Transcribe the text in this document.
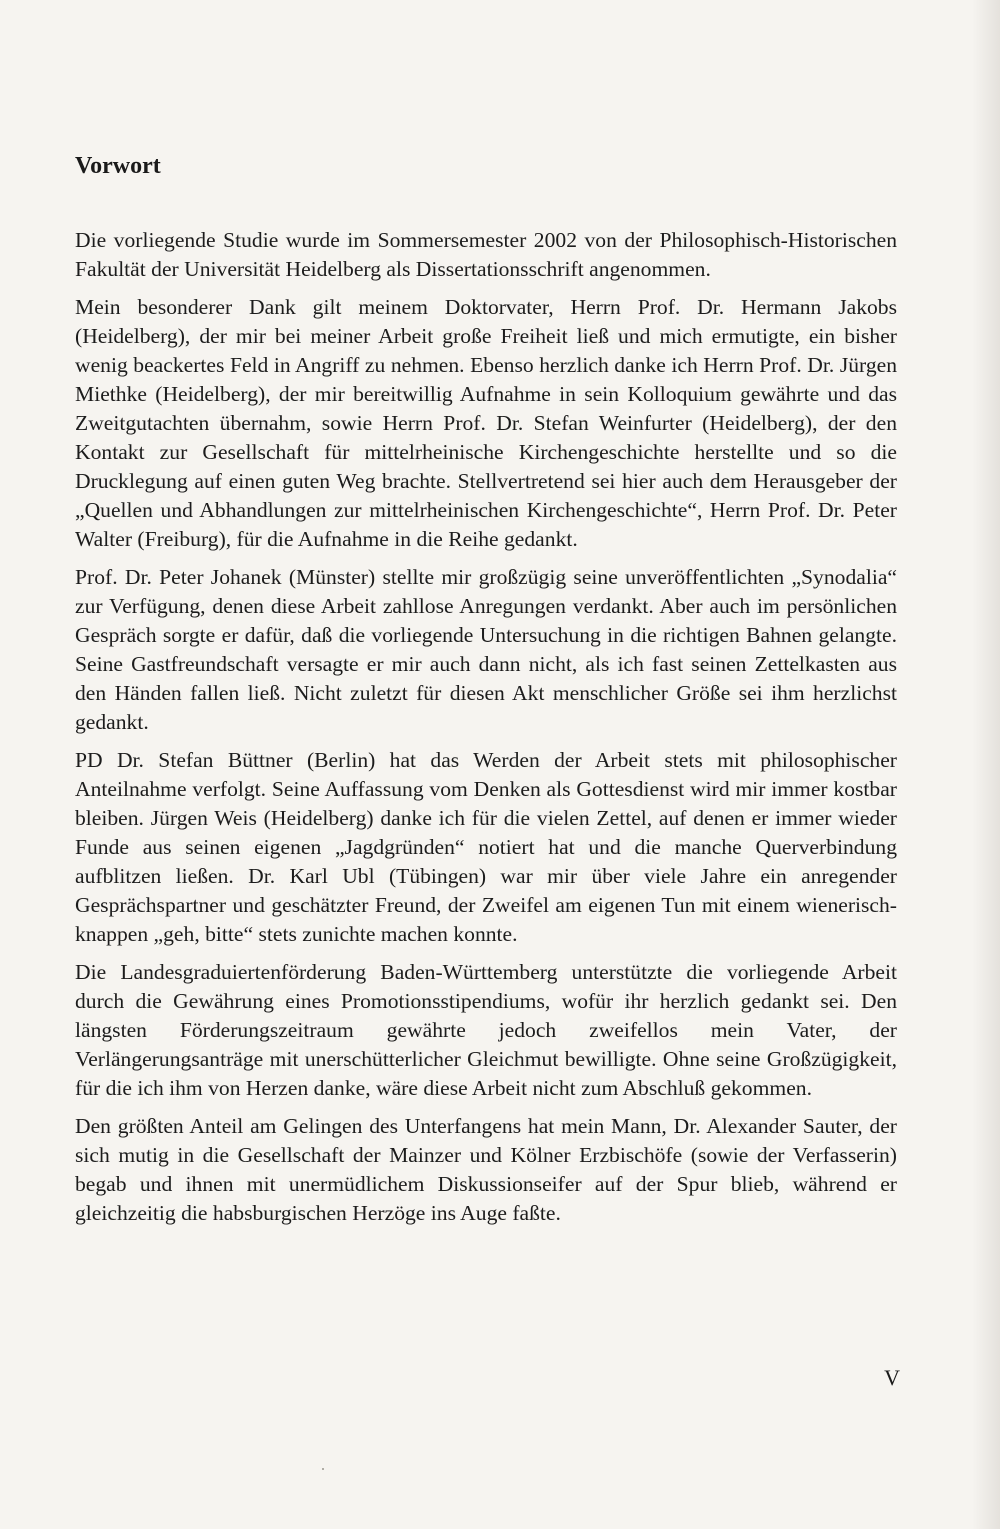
Vorwort

Die vorliegende Studie wurde im Sommersemester 2002 von der Philosophisch-Historischen Fakultät der Universität Heidelberg als Dissertationsschrift angenommen.

Mein besonderer Dank gilt meinem Doktorvater, Herrn Prof. Dr. Hermann Jakobs (Heidelberg), der mir bei meiner Arbeit große Freiheit ließ und mich ermutigte, ein bisher wenig beackertes Feld in Angriff zu nehmen. Ebenso herzlich danke ich Herrn Prof. Dr. Jürgen Miethke (Heidelberg), der mir bereitwillig Aufnahme in sein Kolloquium gewährte und das Zweitgutachten übernahm, sowie Herrn Prof. Dr. Stefan Weinfurter (Heidelberg), der den Kontakt zur Gesellschaft für mittelrheinische Kirchengeschichte herstellte und so die Drucklegung auf einen guten Weg brachte. Stellvertretend sei hier auch dem Herausgeber der „Quellen und Abhandlungen zur mittelrheinischen Kirchengeschichte“, Herrn Prof. Dr. Peter Walter (Freiburg), für die Aufnahme in die Reihe gedankt.

Prof. Dr. Peter Johanek (Münster) stellte mir großzügig seine unveröffentlichten „Synodalia“ zur Verfügung, denen diese Arbeit zahllose Anregungen verdankt. Aber auch im persönlichen Gespräch sorgte er dafür, daß die vorliegende Untersuchung in die richtigen Bahnen gelangte. Seine Gastfreundschaft versagte er mir auch dann nicht, als ich fast seinen Zettelkasten aus den Händen fallen ließ. Nicht zuletzt für diesen Akt menschlicher Größe sei ihm herzlichst gedankt.

PD Dr. Stefan Büttner (Berlin) hat das Werden der Arbeit stets mit philosophischer Anteilnahme verfolgt. Seine Auffassung vom Denken als Gottesdienst wird mir immer kostbar bleiben. Jürgen Weis (Heidelberg) danke ich für die vielen Zettel, auf denen er immer wieder Funde aus seinen eigenen „Jagdgründen“ notiert hat und die manche Querverbindung aufblitzen ließen. Dr. Karl Ubl (Tübingen) war mir über viele Jahre ein anregender Gesprächspartner und geschätzter Freund, der Zweifel am eigenen Tun mit einem wienerisch-knappen „geh, bitte“ stets zunichte machen konnte.

Die Landesgraduiertenförderung Baden-Württemberg unterstützte die vorliegende Arbeit durch die Gewährung eines Promotionsstipendiums, wofür ihr herzlich gedankt sei. Den längsten Förderungszeitraum gewährte jedoch zweifellos mein Vater, der Verlängerungsanträge mit unerschütterlicher Gleichmut bewilligte. Ohne seine Großzügigkeit, für die ich ihm von Herzen danke, wäre diese Arbeit nicht zum Abschluß gekommen.

Den größten Anteil am Gelingen des Unterfangens hat mein Mann, Dr. Alexander Sauter, der sich mutig in die Gesellschaft der Mainzer und Kölner Erzbischöfe (sowie der Verfasserin) begab und ihnen mit unermüdlichem Diskussionseifer auf der Spur blieb, während er gleichzeitig die habsburgischen Herzöge ins Auge faßte.

V
